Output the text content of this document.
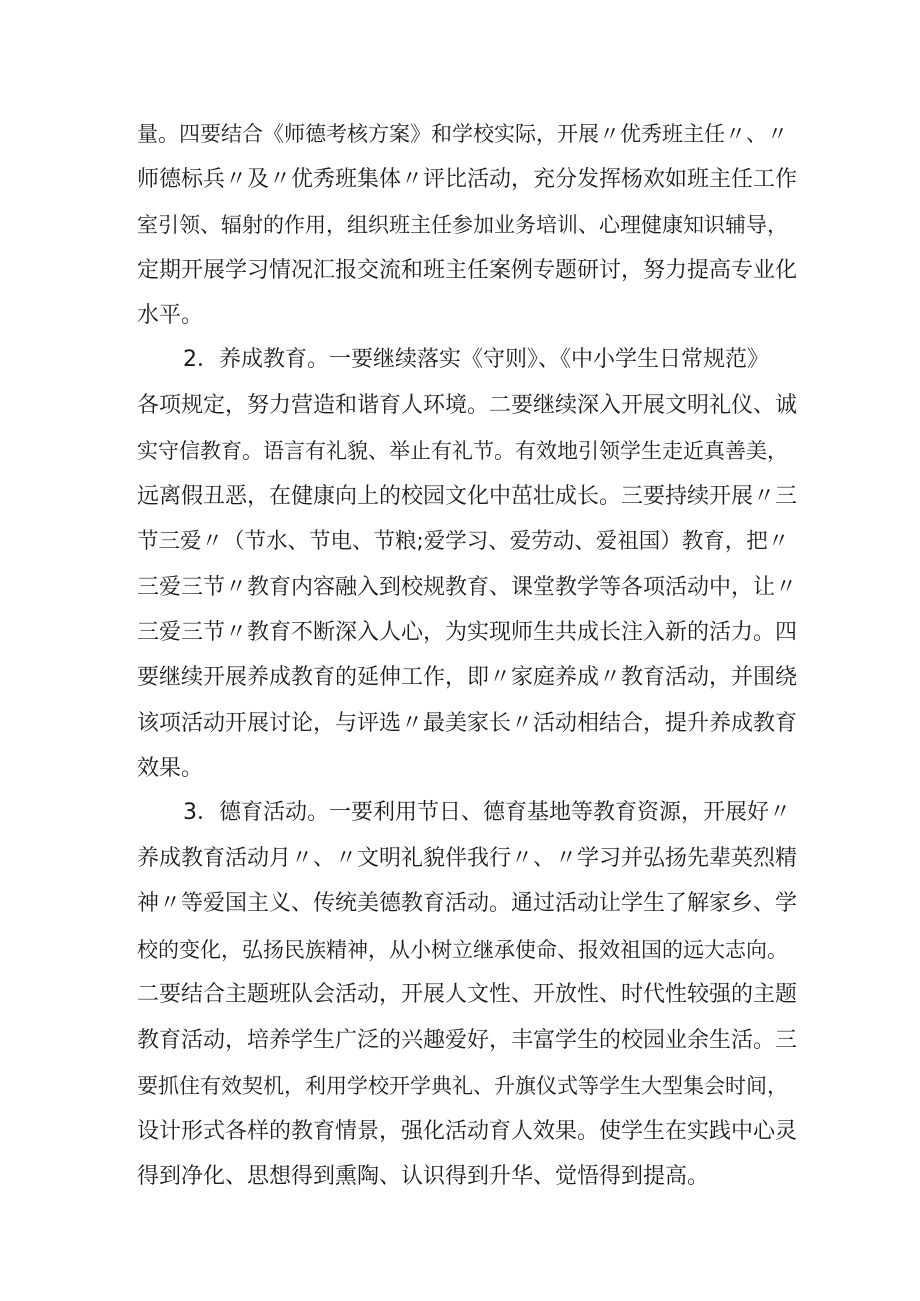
量。四要结合《师德考核方案》和学校实际，开展〃优秀班主任〃、〃
师德标兵〃及〃优秀班集体〃评比活动，充分发挥杨欢如班主任工作
室引领、辐射的作用，组织班主任参加业务培训、心理健康知识辅导，
定期开展学习情况汇报交流和班主任案例专题研讨，努力提高专业化
水平。
2．养成教育。一要继续落实《守则》、《中小学生日常规范》
各项规定，努力营造和谐育人环境。二要继续深入开展文明礼仪、诚
实守信教育。语言有礼貌、举止有礼节。有效地引领学生走近真善美，
远离假丑恶，在健康向上的校园文化中茁壮成长。三要持续开展〃三
节三爱〃（节水、节电、节粮;爱学习、爱劳动、爱祖国）教育，把〃
三爱三节〃教育内容融入到校规教育、课堂教学等各项活动中，让〃
三爱三节〃教育不断深入人心，为实现师生共成长注入新的活力。四
要继续开展养成教育的延伸工作，即〃家庭养成〃教育活动，并围绕
该项活动开展讨论，与评选〃最美家长〃活动相结合，提升养成教育
效果。
3．德育活动。一要利用节日、德育基地等教育资源，开展好〃
养成教育活动月〃、〃文明礼貌伴我行〃、〃学习并弘扬先辈英烈精
神〃等爱国主义、传统美德教育活动。通过活动让学生了解家乡、学
校的变化，弘扬民族精神，从小树立继承使命、报效祖国的远大志向。
二要结合主题班队会活动，开展人文性、开放性、时代性较强的主题
教育活动，培养学生广泛的兴趣爱好，丰富学生的校园业余生活。三
要抓住有效契机，利用学校开学典礼、升旗仪式等学生大型集会时间，
设计形式各样的教育情景，强化活动育人效果。使学生在实践中心灵
得到净化、思想得到熏陶、认识得到升华、觉悟得到提高。
